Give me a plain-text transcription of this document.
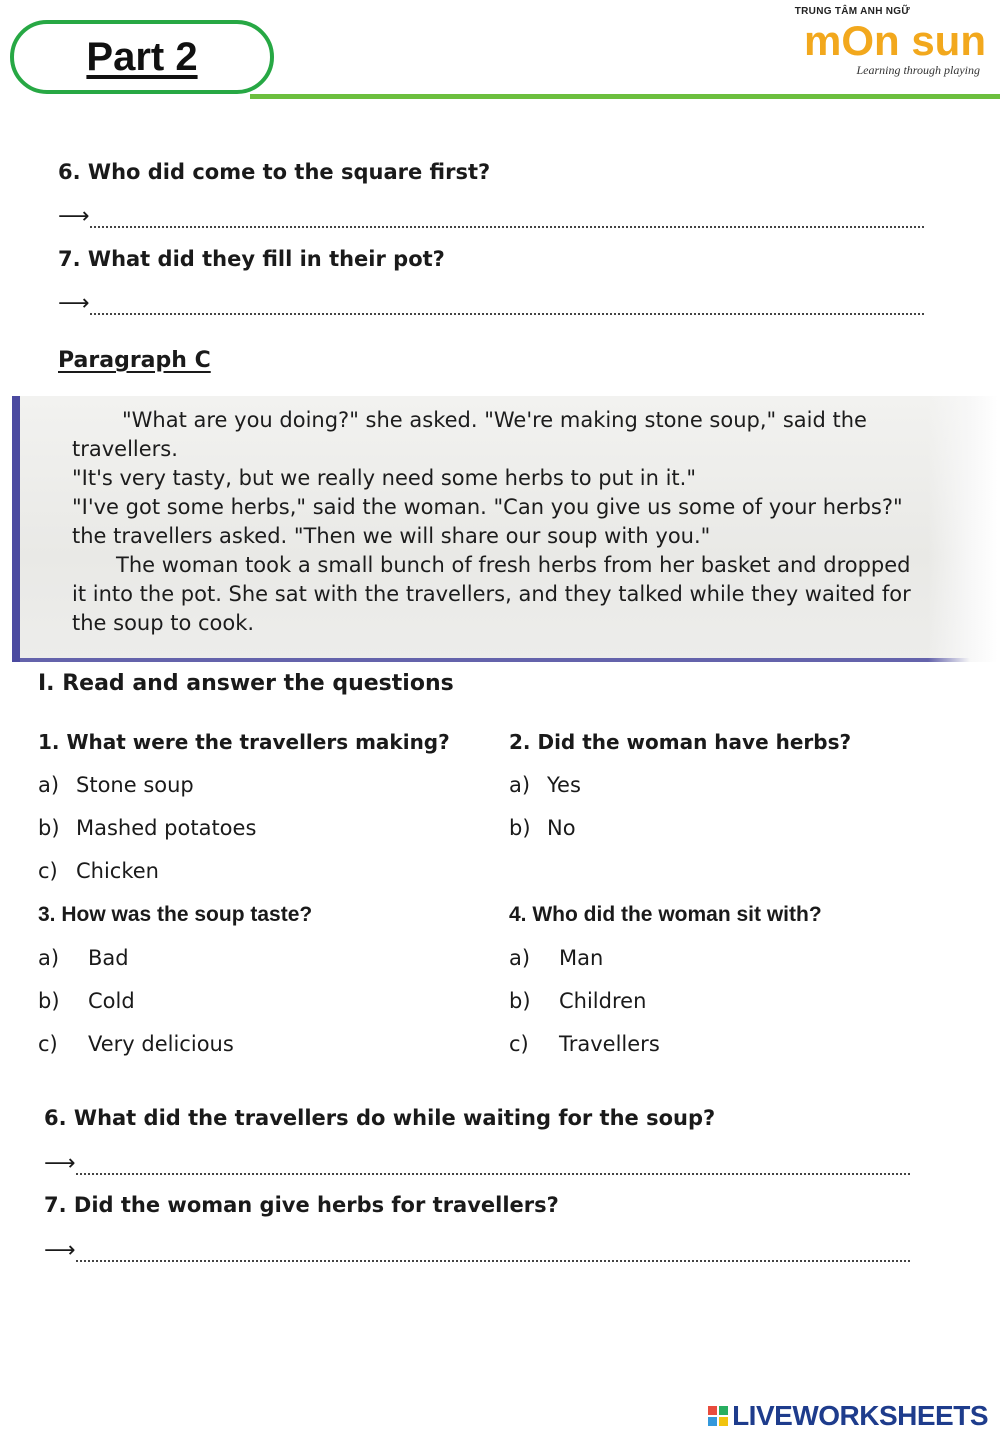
Part 2
TRUNG TÂM ANH NGỮ
mOn sun
Learning through playing
6. Who did come to the square first?
⟶
7. What did they fill in their pot?
⟶
Paragraph C

"What are you doing?" she asked. "We're making stone soup," said the travellers.

"It's very tasty, but we really need some herbs to put in it."

"I've got some herbs," said the woman. "Can you give us some of your herbs?" the travellers asked. "Then we will share our soup with you."

The woman took a small bunch of fresh herbs from her basket and dropped it into the pot. She sat with the travellers, and they talked while they waited for the soup to cook.

I. Read and answer the questions
1. What were the travellers making?
a) Stone soup
b) Mashed potatoes
c) Chicken
2. Did the woman have herbs?
a) Yes
b) No
3. How was the soup taste?
a)	Bad
b)	Cold
c)	Very delicious
4. Who did the woman sit with?
a)	Man
b)	Children
c)	Travellers
6. What did the travellers do while waiting for the soup?
⟶
7. Did the woman give herbs for travellers?
⟶
LIVEWORKSHEETS
